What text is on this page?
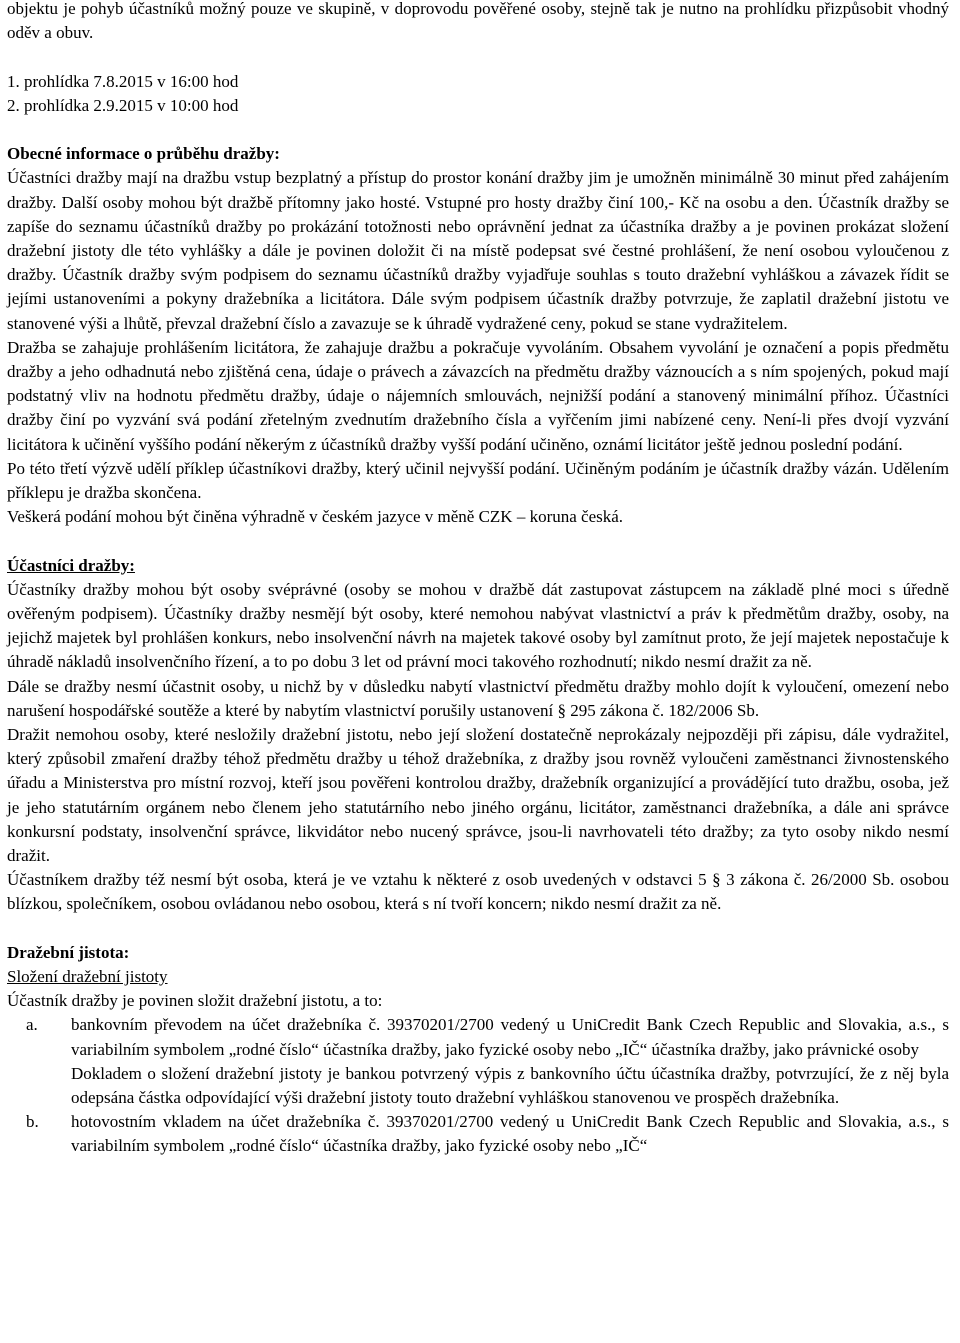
objektu je pohyb účastníků možný pouze ve skupině, v doprovodu pověřené osoby, stejně tak je nutno na prohlídku přizpůsobit vhodný oděv a obuv.

1. prohlídka 7.8.2015 v 16:00 hod

2. prohlídka 2.9.2015 v 10:00 hod

Obecné informace o průběhu dražby:

Účastníci dražby mají na dražbu vstup bezplatný a přístup do prostor konání dražby jim je umožněn minimálně 30 minut před zahájením dražby. Další osoby mohou být dražbě přítomny jako hosté. Vstupné pro hosty dražby činí 100,- Kč na osobu a den. Účastník dražby se zapíše do seznamu účastníků dražby po prokázání totožnosti nebo oprávnění jednat za účastníka dražby a je povinen prokázat složení dražební jistoty dle této vyhlášky a dále je povinen doložit či na místě podepsat své čestné prohlášení, že není osobou vyloučenou z dražby. Účastník dražby svým podpisem do seznamu účastníků dražby vyjadřuje souhlas s touto dražební vyhláškou a závazek řídit se jejími ustanoveními a pokyny dražebníka a licitátora. Dále svým podpisem účastník dražby potvrzuje, že zaplatil dražební jistotu ve stanovené výši a lhůtě, převzal dražební číslo a zavazuje se k úhradě vydražené ceny, pokud se stane vydražitelem.

Dražba se zahajuje prohlášením licitátora, že zahajuje dražbu a pokračuje vyvoláním. Obsahem vyvolání je označení a popis předmětu dražby a jeho odhadnutá nebo zjištěná cena, údaje o právech a závazcích na předmětu dražby váznoucích a s ním spojených, pokud mají podstatný vliv na hodnotu předmětu dražby, údaje o nájemních smlouvách, nejnižší podání a stanovený minimální příhoz. Účastníci dražby činí po vyzvání svá podání zřetelným zvednutím dražebního čísla a vyřčením jimi nabízené ceny. Není-li přes dvojí vyzvání licitátora k učinění vyššího podání někerým z účastníků dražby vyšší podání učiněno, oznámí licitátor ještě jednou poslední podání.

Po této třetí výzvě udělí příklep účastníkovi dražby, který učinil nejvyšší podání. Učiněným podáním je účastník dražby vázán. Udělením příklepu je dražba skončena.

Veškerá podání mohou být činěna výhradně v českém jazyce v měně CZK – koruna česká.

Účastníci dražby:

Účastníky dražby mohou být osoby svéprávné (osoby se mohou v dražbě dát zastupovat zástupcem na základě plné moci s úředně ověřeným podpisem). Účastníky dražby nesmějí být osoby, které nemohou nabývat vlastnictví a práv k předmětům dražby, osoby, na jejichž majetek byl prohlášen konkurs, nebo insolvenční návrh na majetek takové osoby byl zamítnut proto, že její majetek nepostačuje k úhradě nákladů insolvenčního řízení, a to po dobu 3 let od právní moci takového rozhodnutí; nikdo nesmí dražit za ně.

Dále se dražby nesmí účastnit osoby, u nichž by v důsledku nabytí vlastnictví předmětu dražby mohlo dojít k vyloučení, omezení nebo narušení hospodářské soutěže a které by nabytím vlastnictví porušily ustanovení § 295 zákona č. 182/2006 Sb.

Dražit nemohou osoby, které nesložily dražební jistotu, nebo její složení dostatečně neprokázaly nejpozději při zápisu, dále vydražitel, který způsobil zmaření dražby téhož předmětu dražby u téhož dražebníka, z dražby jsou rovněž vyloučeni zaměstnanci živnostenského úřadu a Ministerstva pro místní rozvoj, kteří jsou pověřeni kontrolou dražby, dražebník organizující a provádějící tuto dražbu, osoba, jež je jeho statutárním orgánem nebo členem jeho statutárního nebo jiného orgánu, licitátor, zaměstnanci dražebníka, a dále ani správce konkursní podstaty, insolvenční správce, likvidátor nebo nucený správce, jsou-li navrhovateli této dražby; za tyto osoby nikdo nesmí dražit.

Účastníkem dražby též nesmí být osoba, která je ve vztahu k některé z osob uvedených v odstavci 5 § 3 zákona č. 26/2000 Sb. osobou blízkou, společníkem, osobou ovládanou nebo osobou, která s ní tvoří koncern; nikdo nesmí dražit za ně.

Dražební jistota:

Složení dražební jistoty

Účastník dražby je povinen složit dražební jistotu, a to:

a.	bankovním převodem na účet dražebníka č. 39370201/2700 vedený u UniCredit Bank Czech Republic and Slovakia, a.s., s variabilním symbolem „rodné číslo“ účastníka dražby, jako fyzické osoby nebo „IČ“ účastníka dražby, jako právnické osoby

Dokladem o složení dražební jistoty je bankou potvrzený výpis z bankovního účtu účastníka dražby, potvrzující, že z něj byla odepsána částka odpovídající výši dražební jistoty touto dražební vyhláškou stanovenou ve prospěch dražebníka.

b.	hotovostním vkladem na účet dražebníka č. 39370201/2700 vedený u UniCredit Bank Czech Republic and Slovakia, a.s., s variabilním symbolem „rodné číslo“ účastníka dražby, jako fyzické osoby nebo „IČ“
